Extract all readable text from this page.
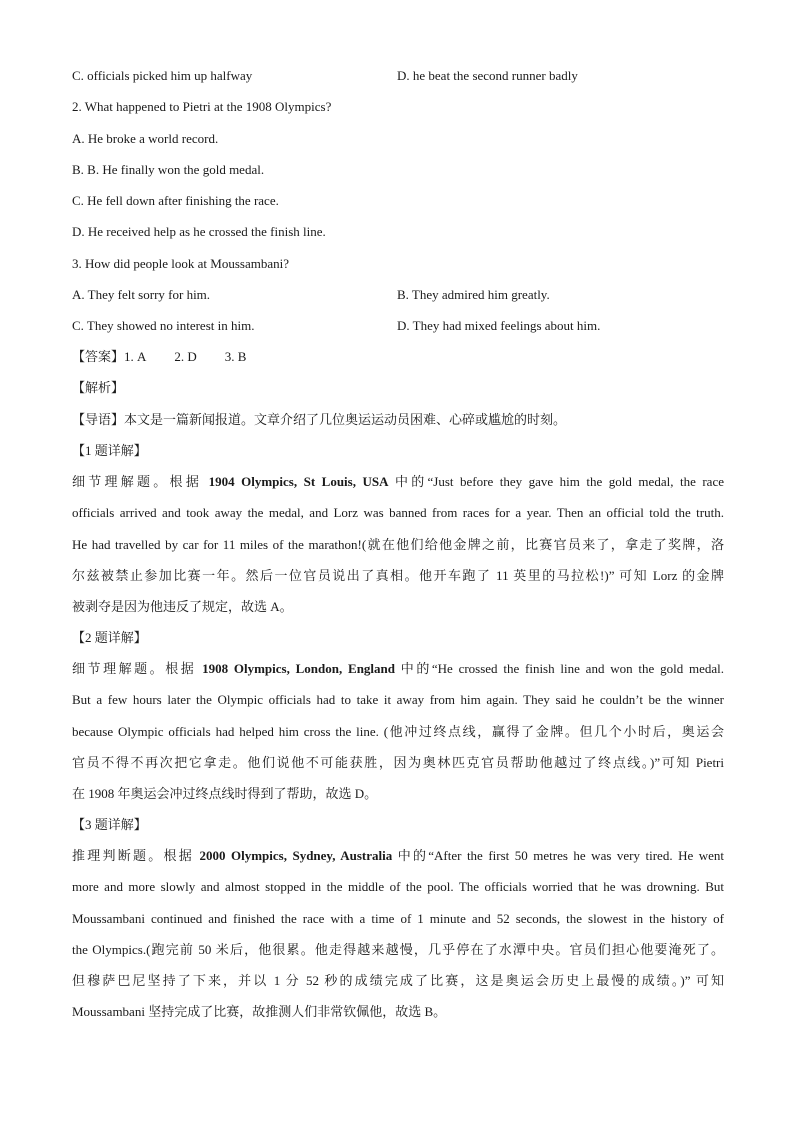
C. officials picked him up halfway	D. he beat the second runner badly
2. What happened to Pietri at the 1908 Olympics?
A. He broke a world record.
B. B. He finally won the gold medal.
C. He fell down after finishing the race.
D. He received help as he crossed the finish line.
3. How did people look at Moussambani?
A. They felt sorry for him.	B. They admired him greatly.
C. They showed no interest in him.	D. They had mixed feelings about him.
【答案】1. A 2. D 3. B
【解析】
【导语】本文是一篇新闻报道。文章介绍了几位奥运运动员困难、心碎或尴尬的时刻。
【1 题详解】
细节理解题。根据 1904 Olympics, St Louis, USA 中的“Just before they gave him the gold medal, the race
officials arrived and took away the medal, and Lorz was banned from races for a year. Then an official told the truth.
He had travelled by car for 11 miles of the marathon!(就在他们给他金牌之前，比赛官员来了，拿走了奖牌，洛
尔兹被禁止参加比赛一年。然后一位官员说出了真相。他开车跑了 11 英里的马拉松!)” 可知 Lorz 的金牌
被剥夺是因为他违反了规定，故选 A。
【2 题详解】
细节理解题。根据 1908 Olympics, London, England 中的“He crossed the finish line and won the gold medal.
But a few hours later the Olympic officials had to take it away from him again. They said he couldn’t be the winner
because Olympic officials had helped him cross the line. (他冲过终点线，赢得了金牌。但几个小时后，奥运会
官员不得不再次把它拿走。他们说他不可能获胜，因为奥林匹克官员帮助他越过了终点线。)”可知 Pietri
在 1908 年奥运会冲过终点线时得到了帮助，故选 D。
【3 题详解】
推理判断题。根据 2000 Olympics, Sydney, Australia 中的“After the first 50 metres he was very tired. He went
more and more slowly and almost stopped in the middle of the pool. The officials worried that he was drowning. But
Moussambani continued and finished the race with a time of 1 minute and 52 seconds, the slowest in the history of
the Olympics.(跑完前 50 米后，他很累。他走得越来越慢，几乎停在了水潭中央。官员们担心他要淹死了。
但穆萨巴尼坚持了下来，并以 1 分 52 秒的成绩完成了比赛，这是奥运会历史上最慢的成绩。)” 可知
Moussambani 坚持完成了比赛，故推测人们非常钦佩他，故选 B。
